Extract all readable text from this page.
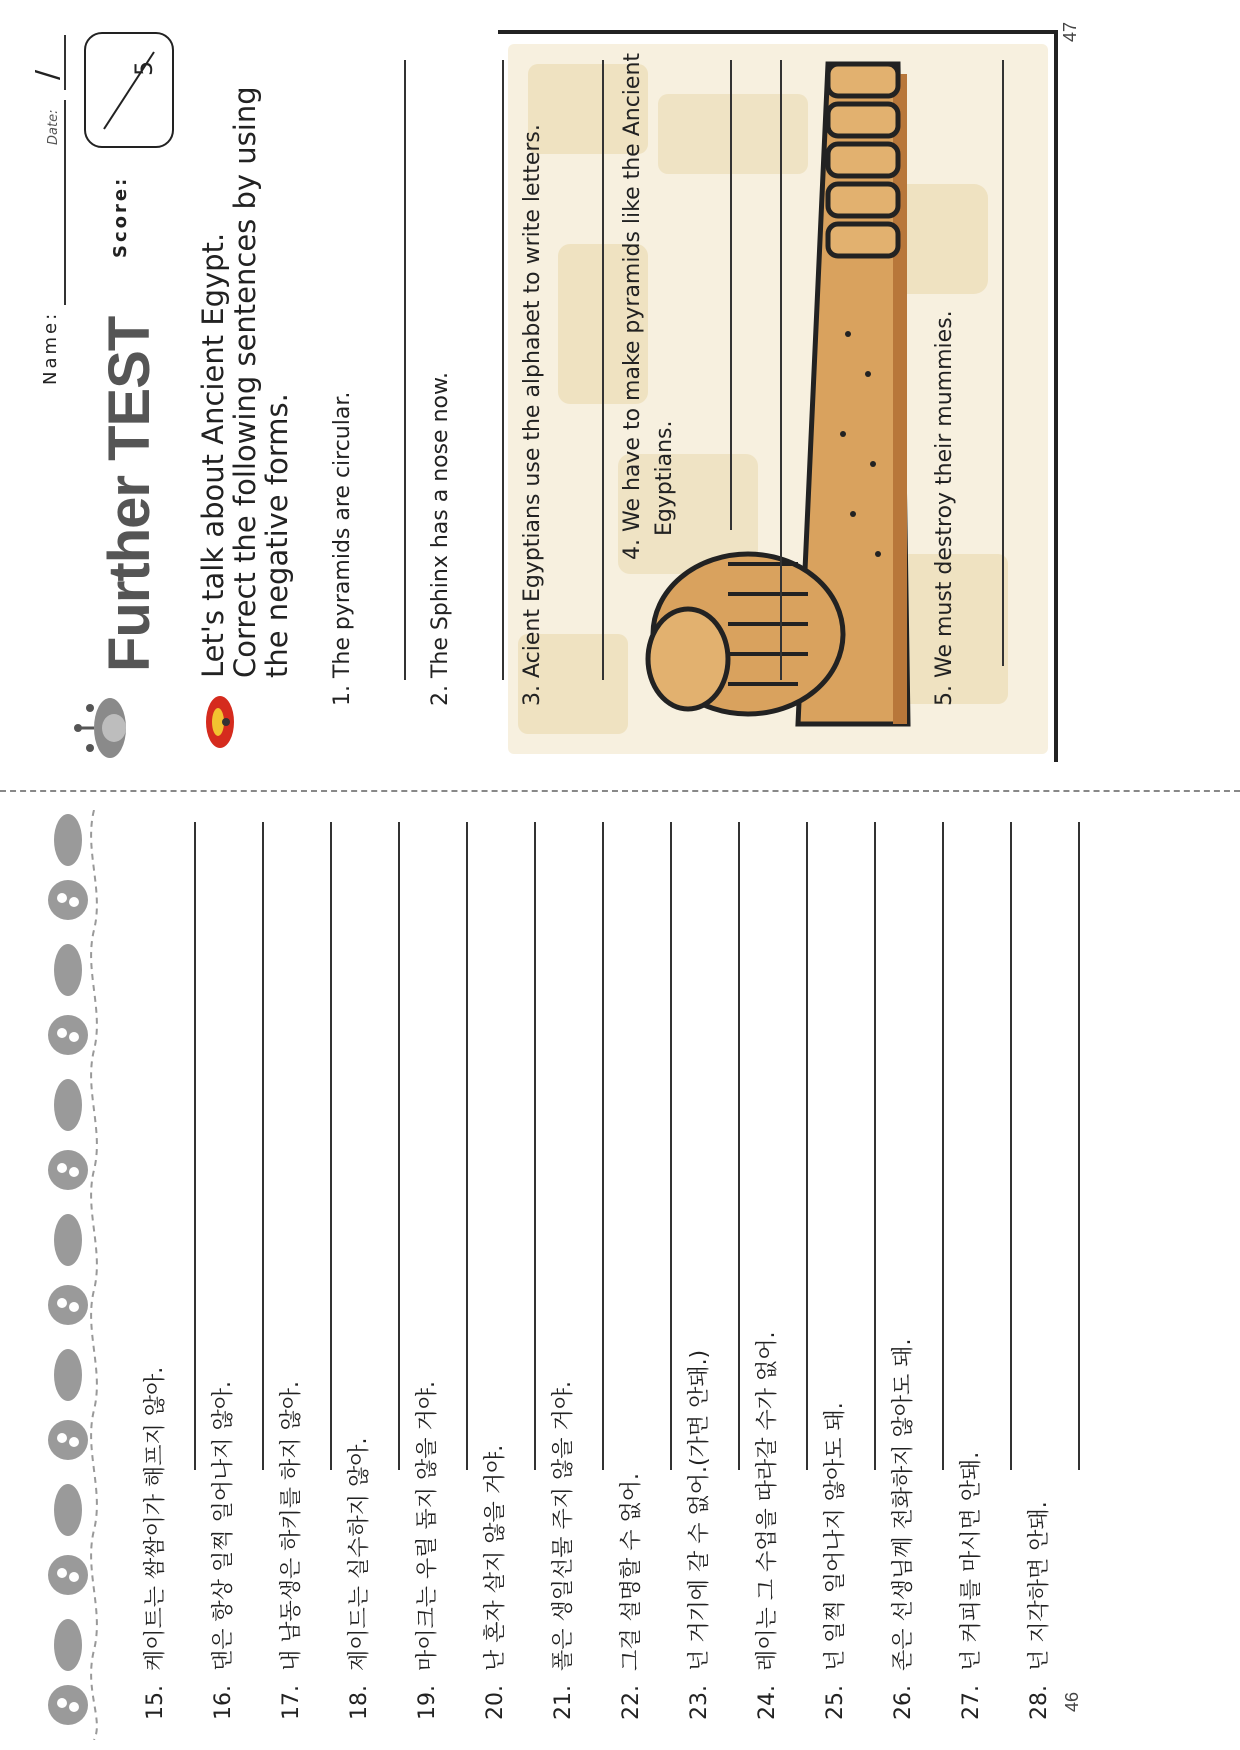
47
Name:
Date:
/
Score:
5
Further TEST Let's talk about Ancient Egypt.
Correct the following sentences by using
the negative forms. 1. The pyramids are circular.	2. The Sphinx has a nose now.	3. Acient Egyptians use the alphabet to write letters.	4. We have to make pyramids like the Ancient Egyptians.	5. We must destroy their mummies.
46
15.  케이트는 쌈쌈이가 해프지 않아.
16.  댄은 항상 일찍 일어나지 않아.
17.  내 남동생은 하키를 하지 않아.
18.  제이드는 실수하지 않아.
19.  마이크는 우릴 돕지 않을 거야.
20.  난 혼자 살지 않을 거야.
21.  폴은 생일선물 주지 않을 거야.
22.  그걸 설명할 수 없어.
23.  넌 거기에 갈 수 없어.(가면 안돼.)
24.  레이는 그 수업을 따라갈 수가 없어.
25.  넌 일찍 일어나지 않아도 돼.
26.  존은 선생님께 전화하지 않아도 돼.
27.  넌 커피를 마시면 안돼.
28.  넌 지각하면 안돼.
